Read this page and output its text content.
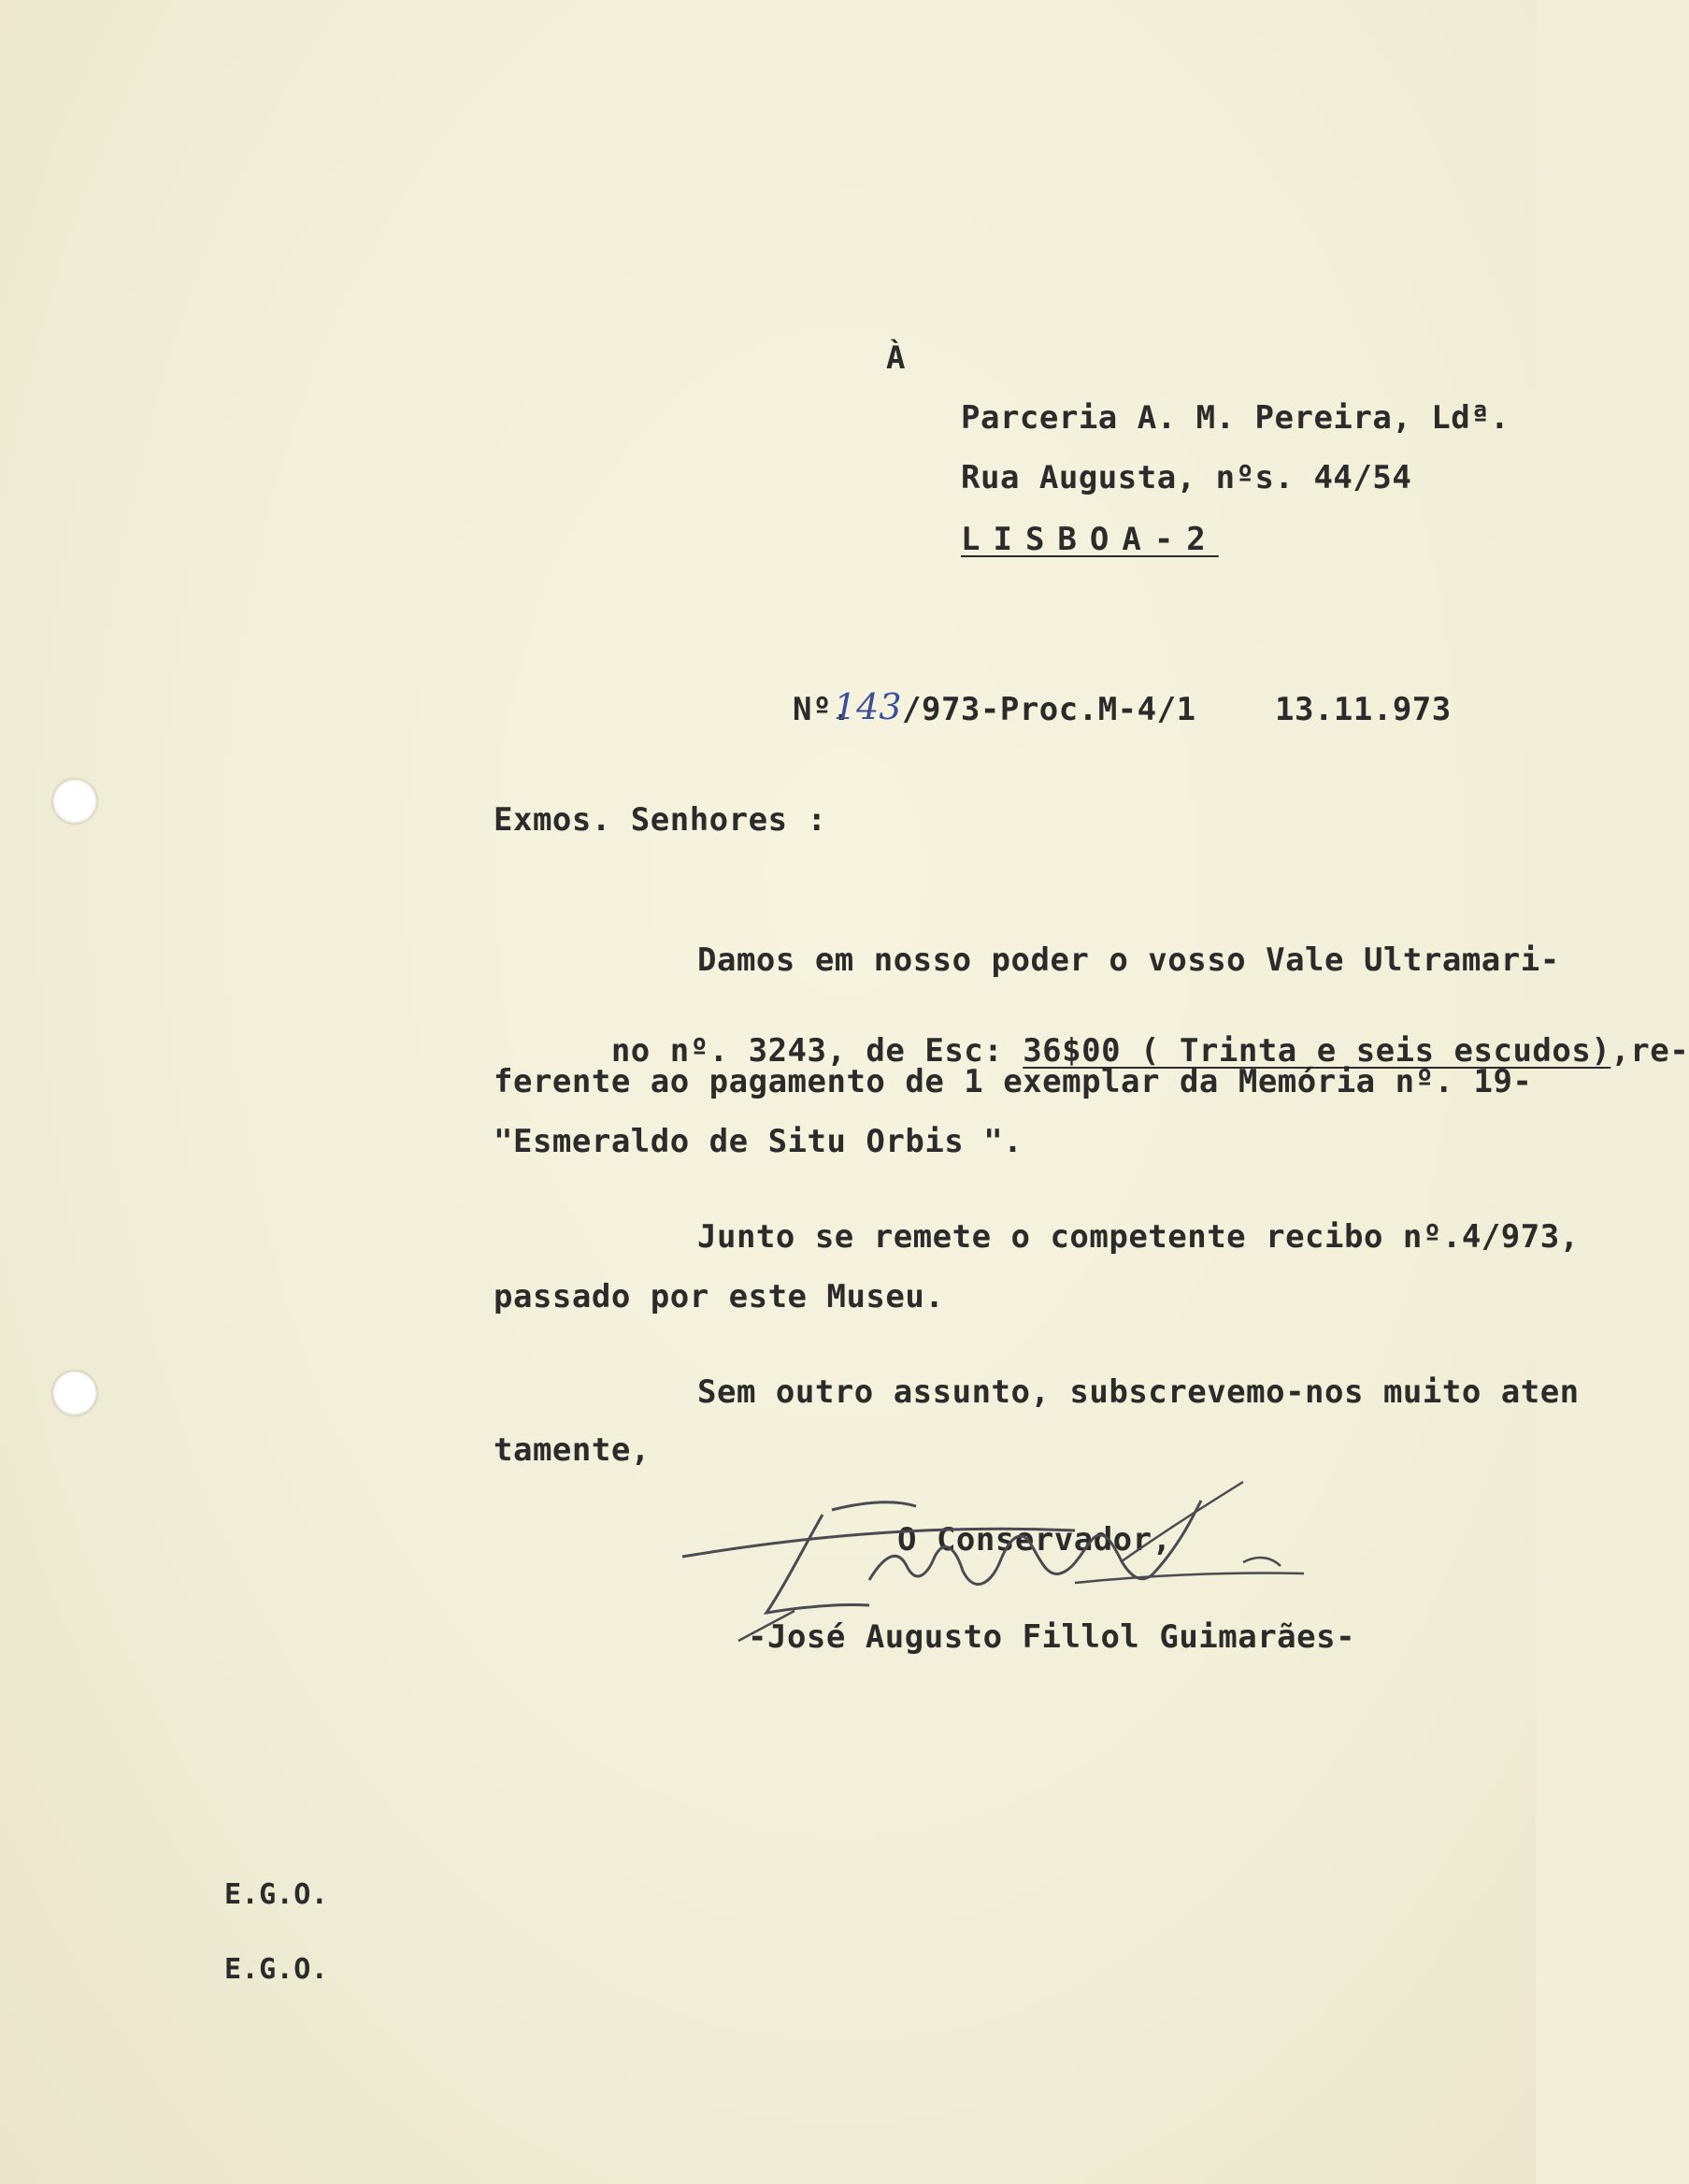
À
Parceria A. M. Pereira, Ldª.
Rua Augusta, nºs. 44/54
LISBOA-2
Nº.
143 /973-Proc.M-4/1 13.11.973
Exmos. Senhores :
Damos em nosso poder o vosso Vale Ultramari-

no nº. 3243, de Esc: 36$00 ( Trinta e seis escudos),re-

ferente ao pagamento de 1 exemplar da Memória nº. 19-
"Esmeraldo de Situ Orbis ".
Junto se remete o competente recibo nº.4/973,
passado por este Museu.
Sem outro assunto, subscrevemo-nos muito aten
tamente,
O Conservador,
-José Augusto Fillol Guimarães-
E.G.O.
E.G.O.
